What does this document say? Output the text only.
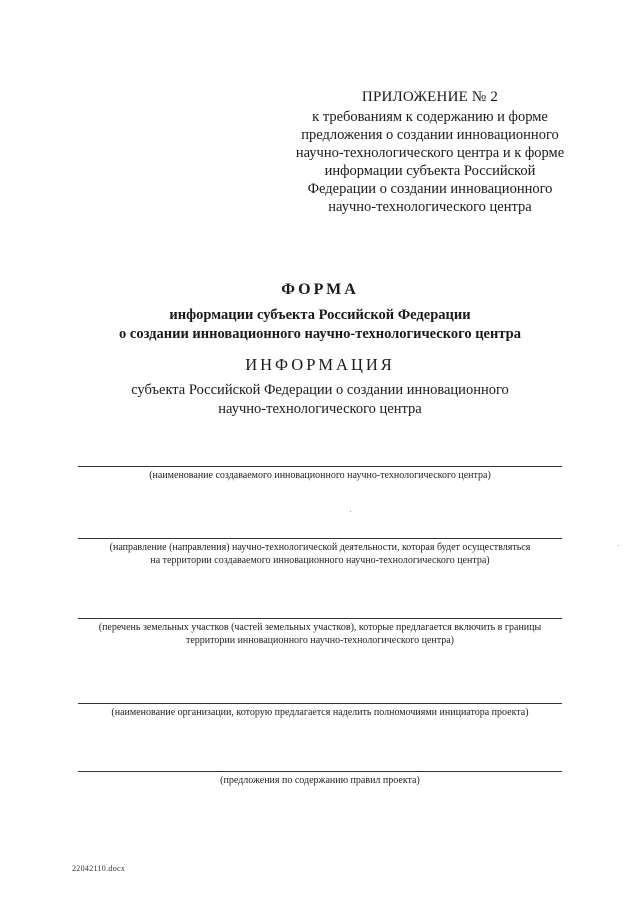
ПРИЛОЖЕНИЕ № 2
к требованиям к содержанию и форме
предложения о создании инновационного
научно-технологического центра и к форме
информации субъекта Российской
Федерации о создании инновационного
научно-технологического центра
ФОРМА
информации субъекта Российской Федерации
о создании инновационного научно-технологического центра
ИНФОРМАЦИЯ
субъекта Российской Федерации о создании инновационного
научно-технологического центра
(наименование создаваемого инновационного научно-технологического центра)
(направление (направления) научно-технологической деятельности, которая будет осуществляться
на территории создаваемого инновационного научно-технологического центра)
(перечень земельных участков (частей земельных участков), которые предлагается включить в границы
территории инновационного научно-технологического центра)
(наименование организации, которую предлагается наделить полномочиями инициатора проекта)
(предложения по содержанию правил проекта)
22042110.docx
